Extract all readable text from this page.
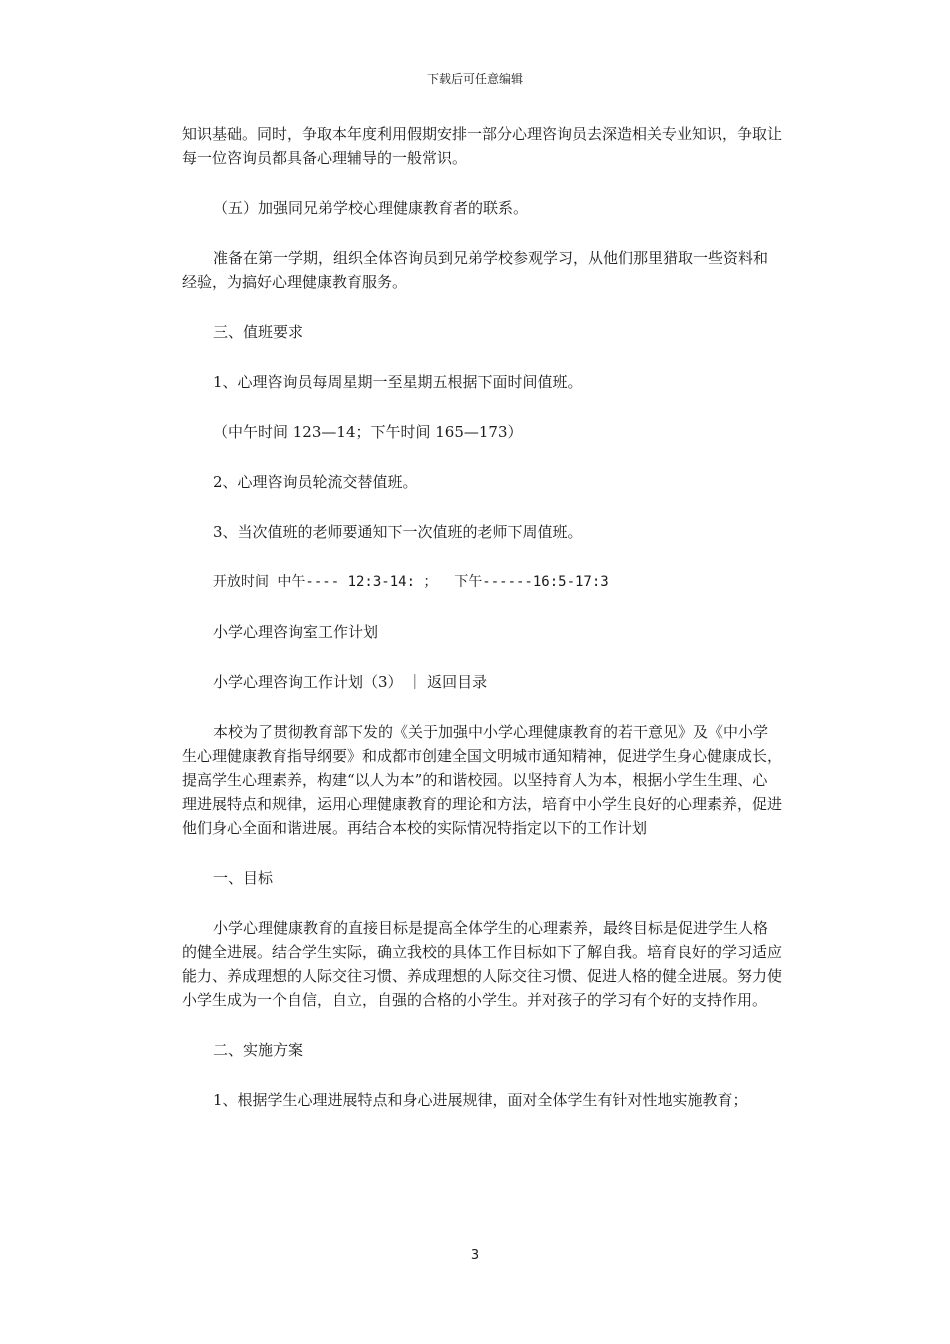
下载后可任意编辑

知识基础。同时，争取本年度利用假期安排一部分心理咨询员去深造相关专业知识，争取让每一位咨询员都具备心理辅导的一般常识。

（五）加强同兄弟学校心理健康教育者的联系。

准备在第一学期，组织全体咨询员到兄弟学校参观学习，从他们那里猎取一些资料和经验，为搞好心理健康教育服务。

三、值班要求

1、心理咨询员每周星期一至星期五根据下面时间值班。

（中午时间 123—14；下午时间 165—173）

2、心理咨询员轮流交替值班。

3、当次值班的老师要通知下一次值班的老师下周值班。

开放时间 中午---- 12:3-14: ；  下午------16:5-17:3

小学心理咨询室工作计划

小学心理咨询工作计划（3） ｜ 返回目录

本校为了贯彻教育部下发的《关于加强中小学心理健康教育的若干意见》及《中小学生心理健康教育指导纲要》和成都市创建全国文明城市通知精神，促进学生身心健康成长，提高学生心理素养，构建“以人为本”的和谐校园。以坚持育人为本，根据小学生生理、心理进展特点和规律，运用心理健康教育的理论和方法，培育中小学生良好的心理素养，促进他们身心全面和谐进展。再结合本校的实际情况特指定以下的工作计划

一、目标

小学心理健康教育的直接目标是提高全体学生的心理素养，最终目标是促进学生人格的健全进展。结合学生实际，确立我校的具体工作目标如下了解自我。培育良好的学习适应能力、养成理想的人际交往习惯、养成理想的人际交往习惯、促进人格的健全进展。努力使小学生成为一个自信，自立，自强的合格的小学生。并对孩子的学习有个好的支持作用。

二、实施方案

1、根据学生心理进展特点和身心进展规律，面对全体学生有针对性地实施教育；

3
